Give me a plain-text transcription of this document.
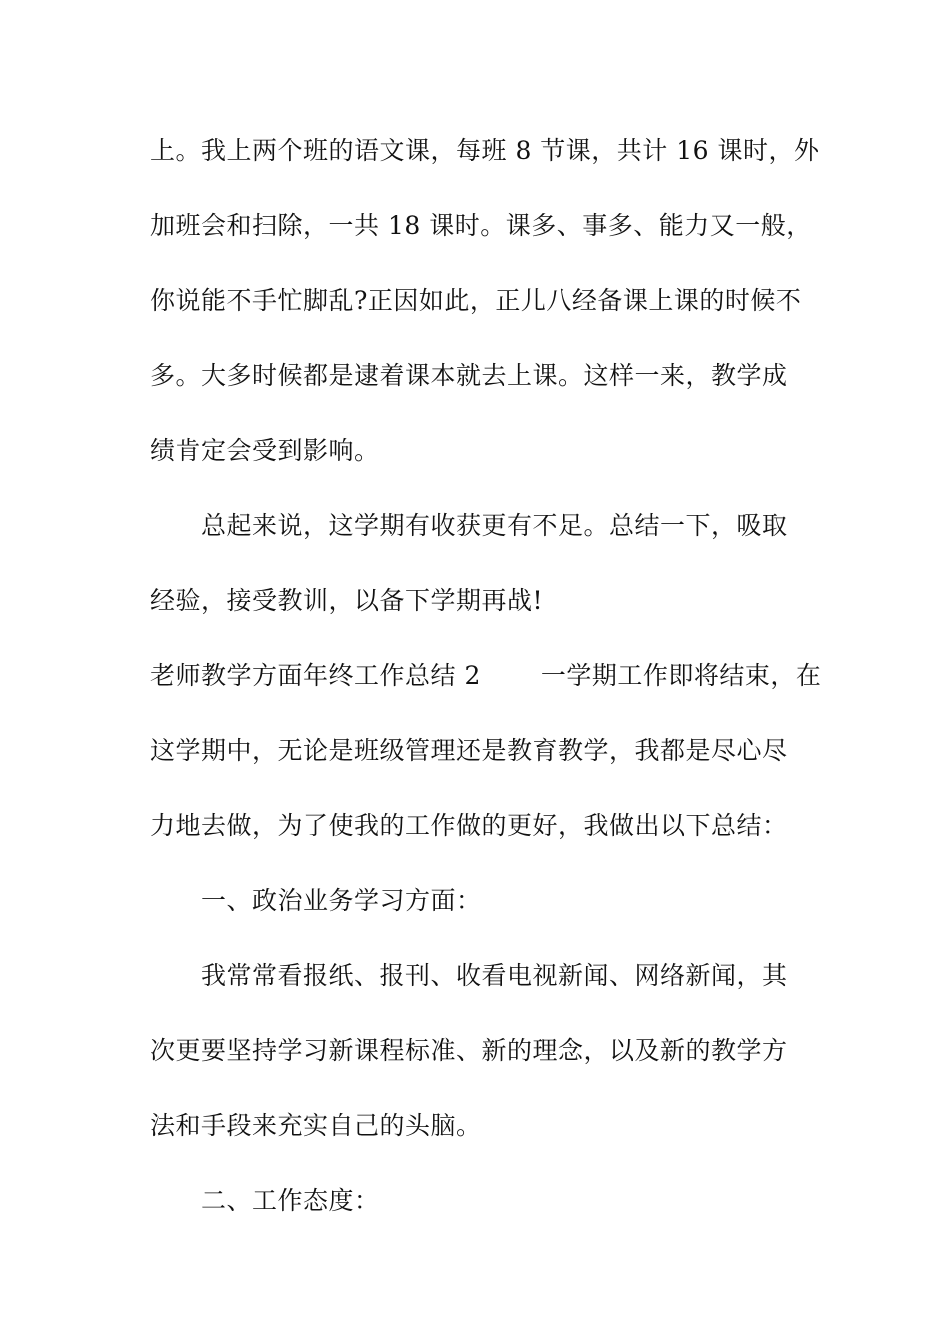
上。我上两个班的语文课，每班 8 节课，共计 16 课时，外
加班会和扫除，一共 18 课时。课多、事多、能力又一般，
你说能不手忙脚乱?正因如此，正儿八经备课上课的时候不
多。大多时候都是逮着课本就去上课。这样一来，教学成
绩肯定会受到影响。
总起来说，这学期有收获更有不足。总结一下，吸取
经验，接受教训，以备下学期再战!
老师教学方面年终工作总结 2 一学期工作即将结束，在
这学期中，无论是班级管理还是教育教学，我都是尽心尽
力地去做，为了使我的工作做的更好，我做出以下总结：
一、政治业务学习方面：
我常常看报纸、报刊、收看电视新闻、网络新闻，其
次更要坚持学习新课程标准、新的理念，以及新的教学方
法和手段来充实自己的头脑。
二、工作态度：
